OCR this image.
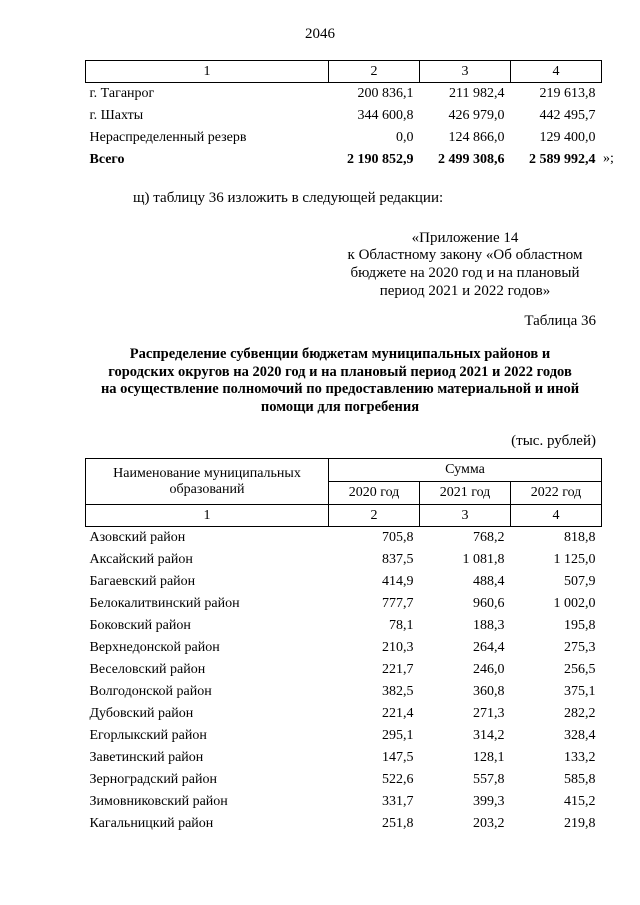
2046
1	2	3	4
г. Таганрог	200 836,1	211 982,4	219 613,8
г. Шахты	344 600,8	426 979,0	442 495,7
Нераспределенный резерв	0,0	124 866,0	129 400,0
Всего	2 190 852,9	2 499 308,6	2 589 992,4 »;
щ) таблицу 36 изложить в следующей редакции:
«Приложение 14
к Областному закону «Об областном бюджете на 2020 год и на плановый период 2021 и 2022 годов»
Таблица 36
Распределение субвенции бюджетам муниципальных районов и городских округов на 2020 год и на плановый период 2021 и 2022 годов на осуществление полномочий по предоставлению материальной и иной помощи для погребения
(тыс. рублей)
Наименование муниципальных образований	Сумма		
	2020 год	2021 год	2022 год
1	2	3	4
Азовский район	705,8	768,2	818,8
Аксайский район	837,5	1 081,8	1 125,0
Багаевский район	414,9	488,4	507,9
Белокалитвинский район	777,7	960,6	1 002,0
Боковский район	78,1	188,3	195,8
Верхнедонской район	210,3	264,4	275,3
Веселовский район	221,7	246,0	256,5
Волгодонской район	382,5	360,8	375,1
Дубовский район	221,4	271,3	282,2
Егорлыкский район	295,1	314,2	328,4
Заветинский район	147,5	128,1	133,2
Зерноградский район	522,6	557,8	585,8
Зимовниковский район	331,7	399,3	415,2
Кагальницкий район	251,8	203,2	219,8
